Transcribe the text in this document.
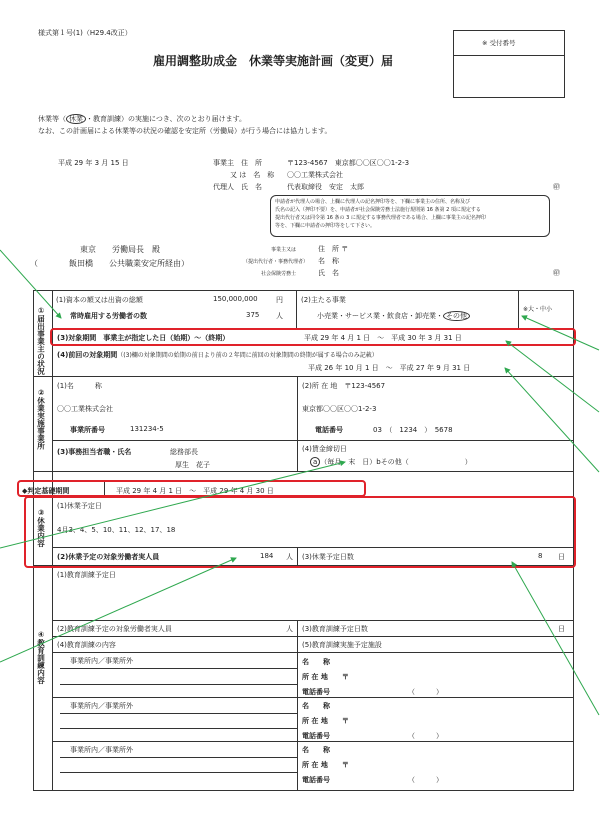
様式第１号(1)（H29.4改正）
※ 受付番号
雇用調整助成金　休業等実施計画（変更）届
休業等（ 休業 ・教育訓練）の実施につき、次のとおり届けます。
なお、この計画届による休業等の状況の確認を安定所（労働局）が行う場合には協力します。
平成 29 年 3 月 15 日	事業主　住　所	〒123-4567　東京都〇〇区〇〇1-2-3
又 は　名　称 〇〇工業株式会社
代理人　氏　名	代表取締役　安定　太郎	㊞
申請者が代理人の場合、上欄に代理人の記名押印等を、下欄に事業主の住所、名称及び
氏名の記入（押印不要）を、申請者が社会保険労務士法施行規則第 16 条第 2 項に規定する
提出代行者又は同令第 16 条の 3 に規定する事務代理者である場合、上欄に事業主の記名押印
等を、下欄に申請者の押印等をして下さい。
東京　　労働局長　殿
（	飯田橋　　公共職業安定所経由）
事業主又は
（提出代行者・事務代理者）
社会保険労務士
住　所 〒
名　称
氏　名	㊞
①届出事業主の状況
(1)資本の額又は出資の総額	150,000,000	円
常時雇用する労働者の数	375 人
(2)主たる事業
小売業・サービス業・飲食店・卸売業・ その他
※大・中小
(3)対象期間　事業主が指定した日（始期）～（終期）	平成 29 年 4 月 1 日　～　平成 30 年 3 月 31 日
(4)前回の対象期間（(3)欄の対象期間の始期の前日より前の２年間に前回の対象期間の終期が属する場合のみ記載）
平成 26 年 10 月 1 日　～　平成 27 年 9 月 31 日
②休業実施事業所
(1)名　　　称
〇〇工業株式会社
事業所番号	131234-5
(2)所 在 地　〒123-4567
東京都〇〇区〇〇1-2-3
電話番号	03　（　1234　）　5678
(3)事務担当者職・氏名	総務部長
厚生　花子
(4)賃金締切日
a （毎月　末　日）bその他（　　　　　　　　）
◆判定基礎期間	平成 29 年 4 月 1 日　～　平成 29 年 4 月 30 日
③休業内容
(1)休業予定日
4月3、4、5、10、11、12、17、18
(2)休業予定の対象労働者実人員	184 人 (3)休業予定日数	8 日
④教育訓練内容
(1)教育訓練予定日
(2)教育訓練予定の対象労働者実人員	人 (3)教育訓練予定日数	日
(4)教育訓練の内容	(5)教育訓練実施予定施設
事業所内／事業所外	名　　称
所 在 地　　〒
電話番号	（　　　）
事業所内／事業所外	名　　称
所 在 地　　〒
電話番号	（　　　）
事業所内／事業所外	名　　称
所 在 地　　〒
電話番号	（　　　）
